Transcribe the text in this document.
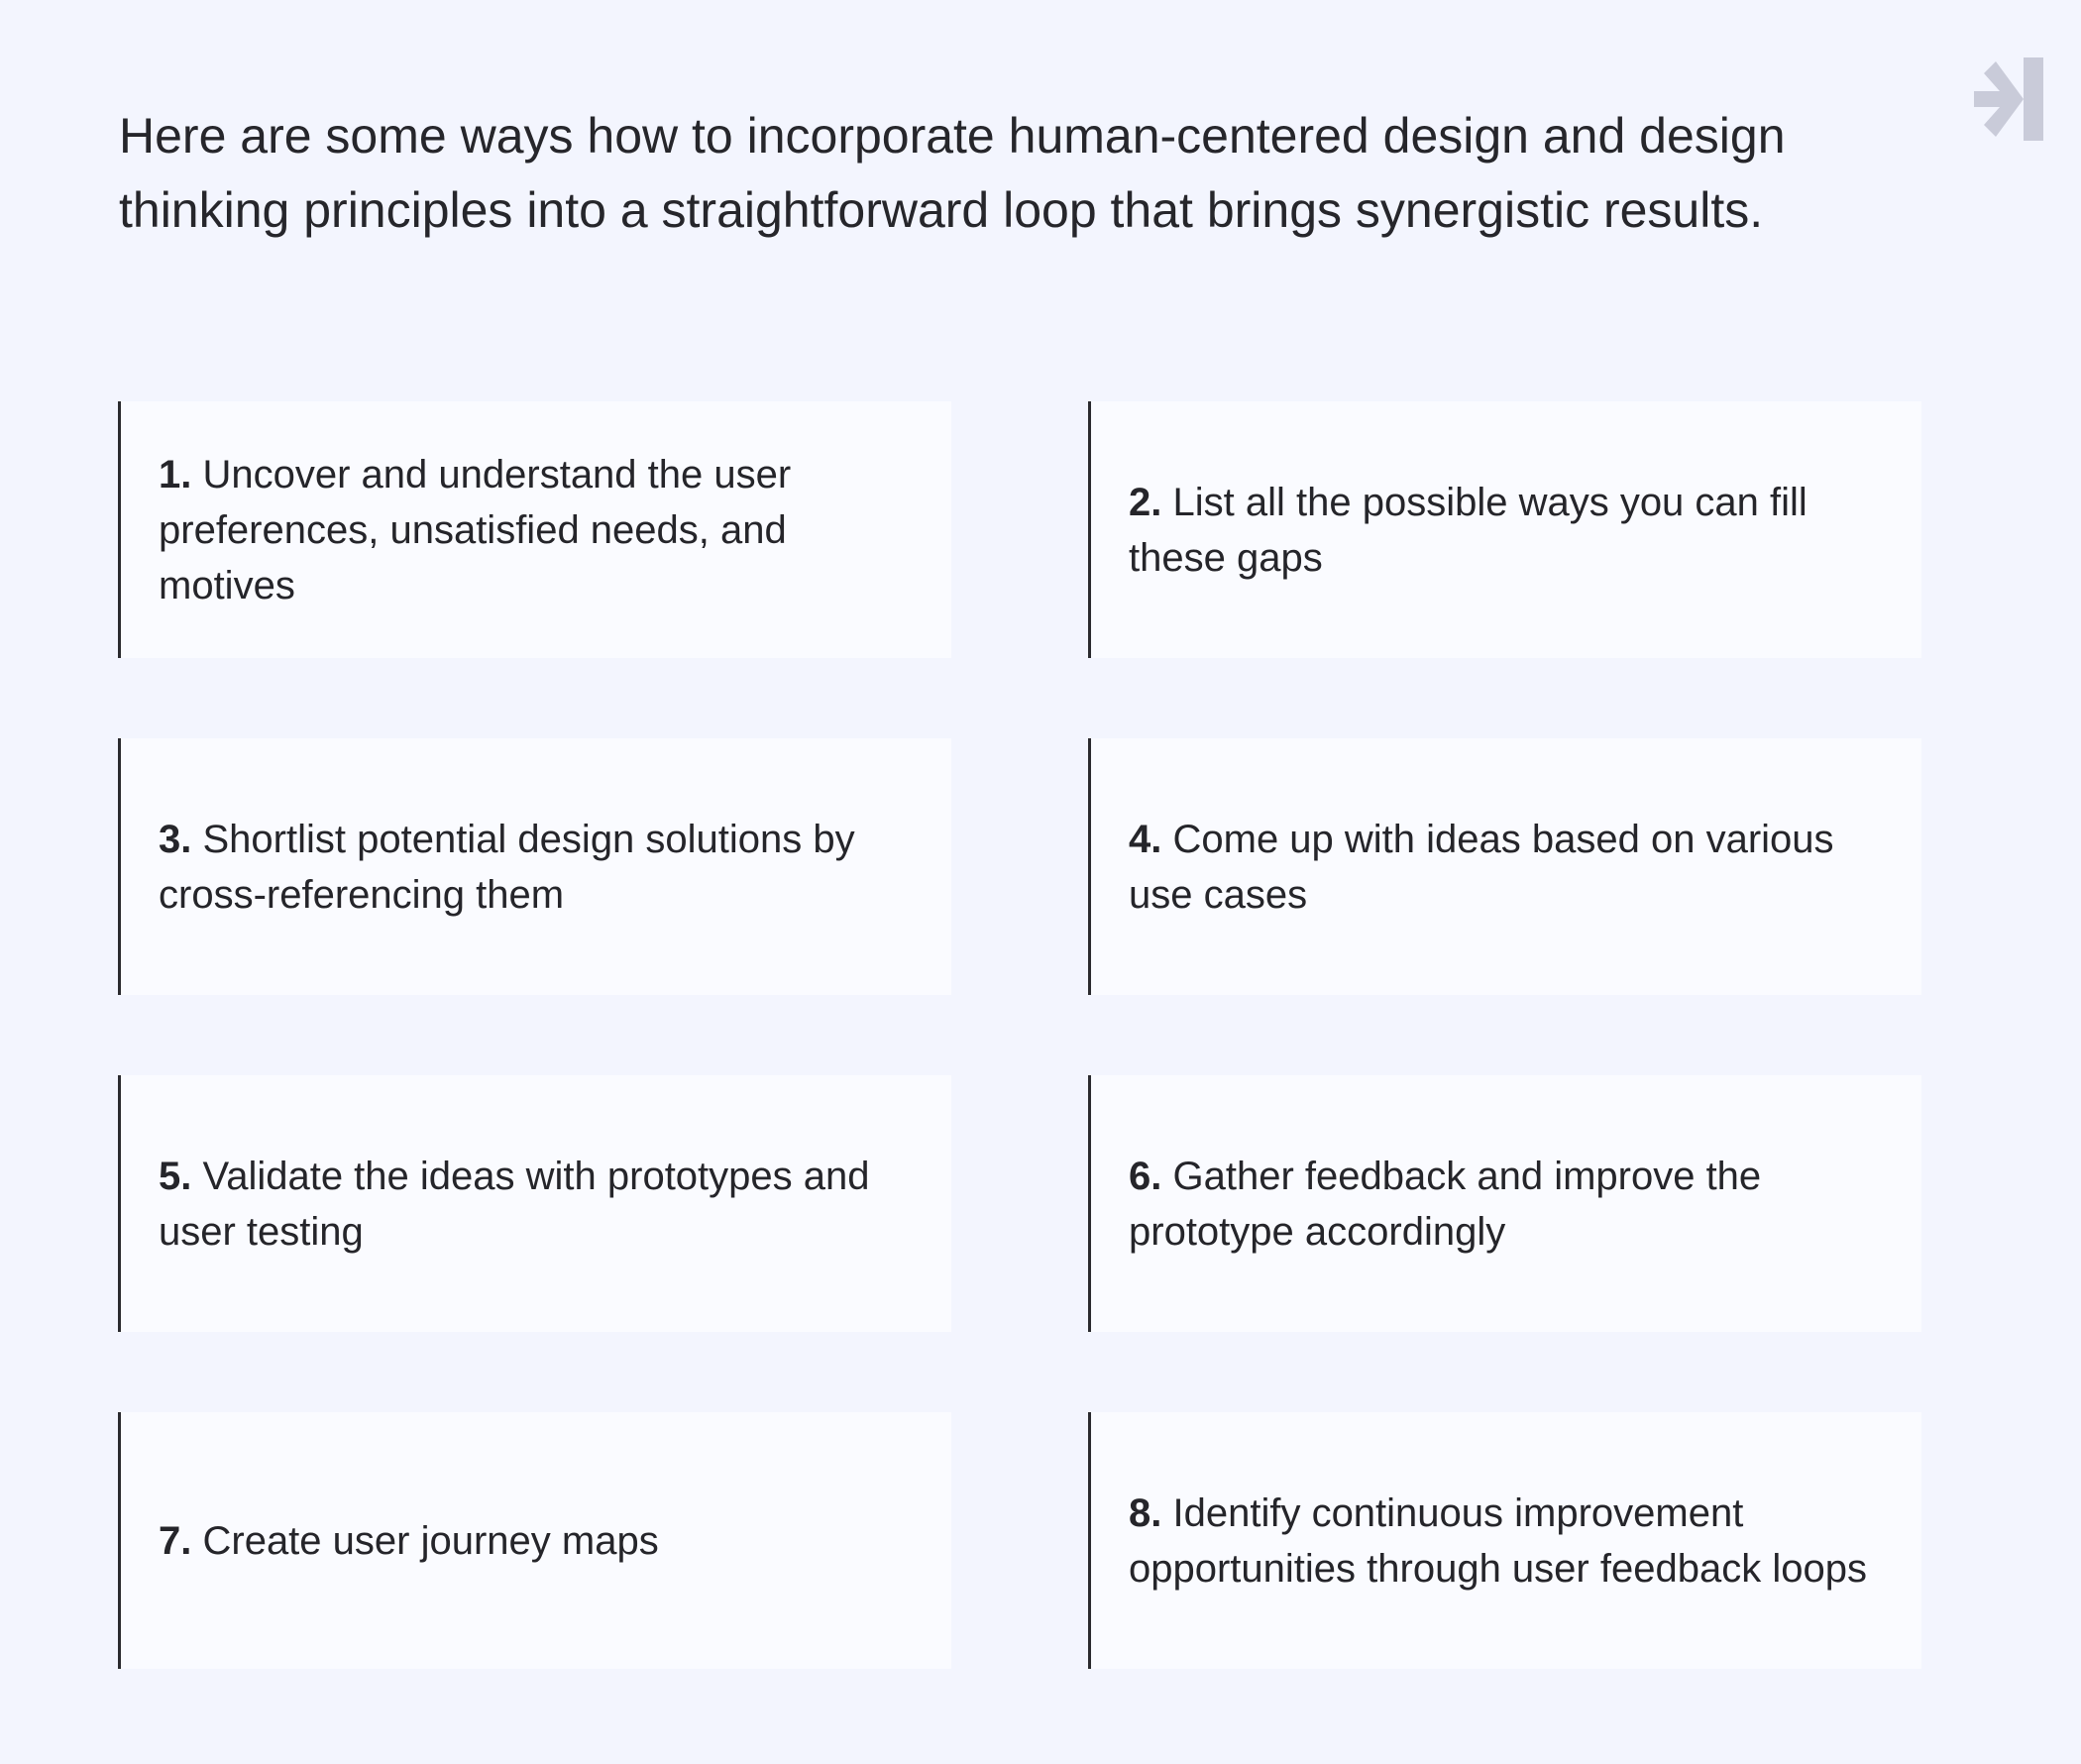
Here are some ways how to incorporate human-centered design and design thinking principles into a straightforward loop that brings synergistic results.

1. Uncover and understand the user preferences, unsatisfied needs, and motives
2. List all the possible ways you can fill these gaps
3. Shortlist potential design solutions by cross-referencing them
4. Come up with ideas based on various use cases
5. Validate the ideas with prototypes and user testing
6. Gather feedback and improve the prototype accordingly
7. Create user journey maps
8. Identify continuous improvement opportunities through user feedback loops
